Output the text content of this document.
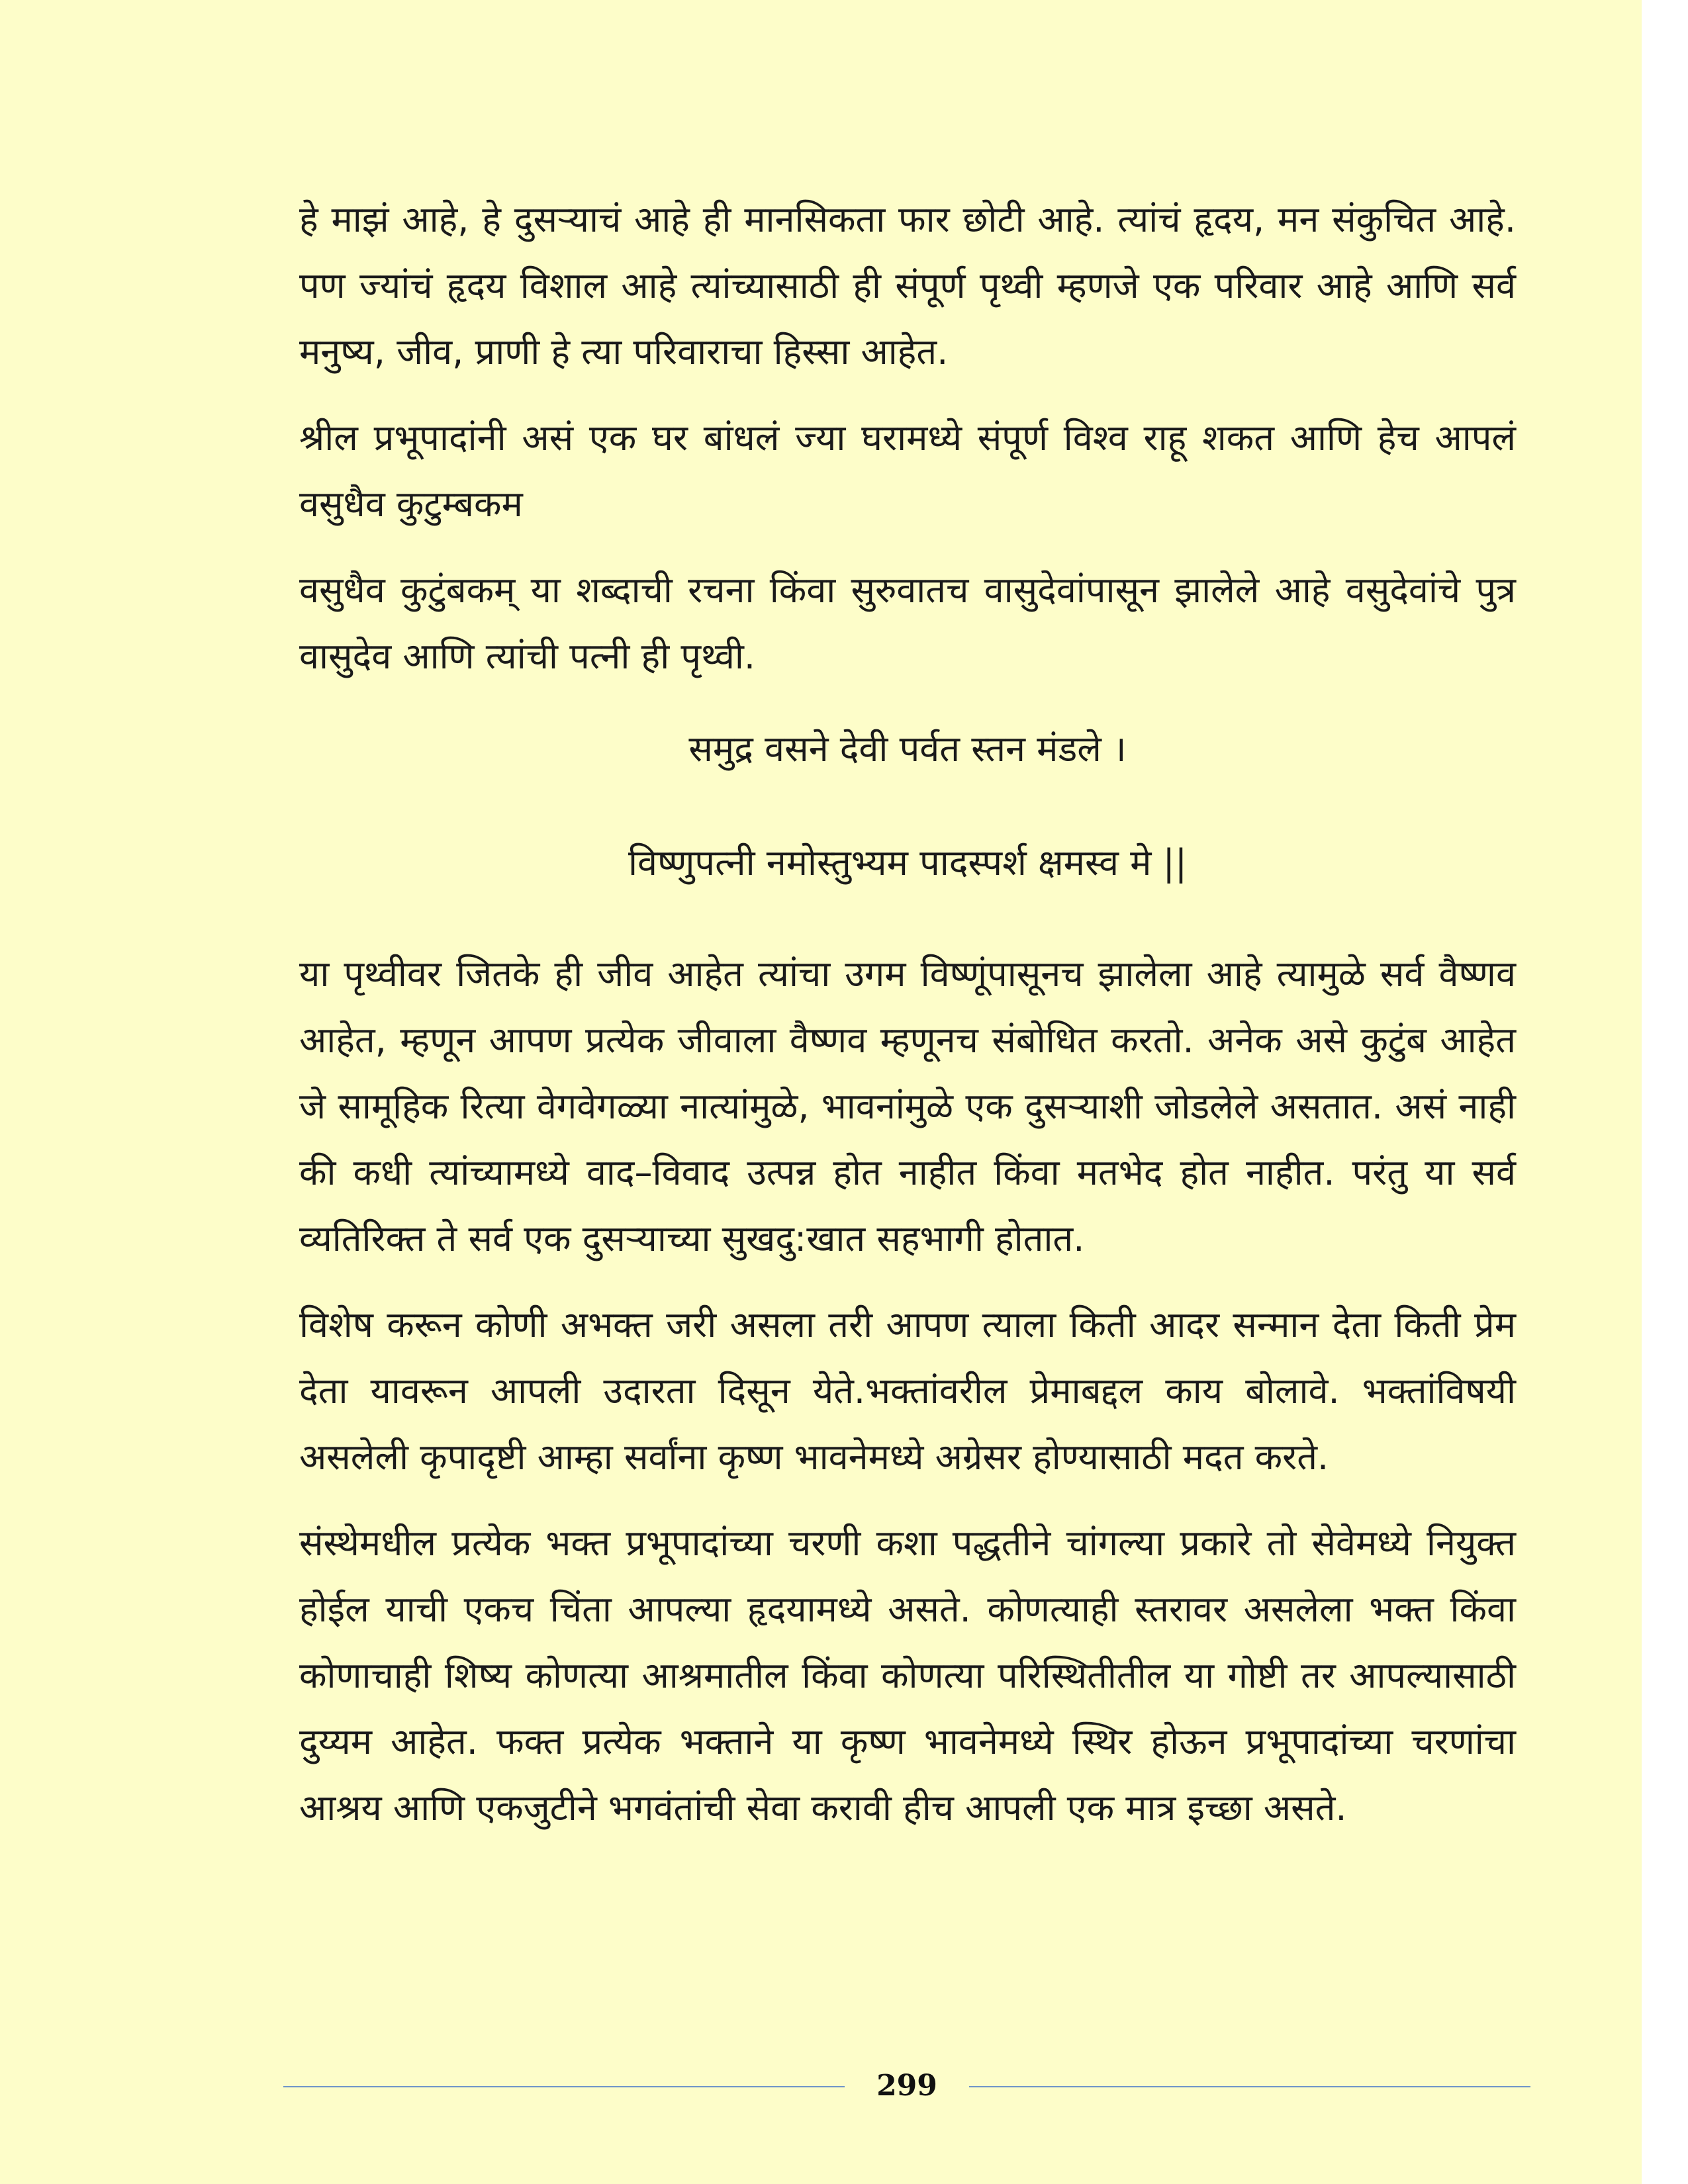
हे माझं आहे, हे दुसऱ्याचं आहे ही मानसिकता फार छोटी आहे. त्यांचं हृदय, मन संकुचित आहे. पण ज्यांचं हृदय विशाल आहे त्यांच्यासाठी ही संपूर्ण पृथ्वी म्हणजे एक परिवार आहे आणि सर्व मनुष्य, जीव, प्राणी हे त्या परिवाराचा हिस्सा आहेत.

श्रील प्रभूपादांनी असं एक घर बांधलं ज्या घरामध्ये संपूर्ण विश्व राहू शकत आणि हेच आपलं वसुधैव कुटुम्बकम

वसुधैव कुटुंबकम् या शब्दाची रचना किंवा सुरुवातच वासुदेवांपासून झालेले आहे वसुदेवांचे पुत्र वासुदेव आणि त्यांची पत्नी ही पृथ्वी.

समुद्र वसने देवी पर्वत स्तन मंडले ।

विष्णुपत्नी नमोस्तुभ्यम पादस्पर्श क्षमस्व मे ||

या पृथ्वीवर जितके ही जीव आहेत त्यांचा उगम विष्णूंपासूनच झालेला आहे त्यामुळे सर्व वैष्णव आहेत, म्हणून आपण प्रत्येक जीवाला वैष्णव म्हणूनच संबोधित करतो. अनेक असे कुटुंब आहेत जे सामूहिक रित्या वेगवेगळ्या नात्यांमुळे, भावनांमुळे एक दुसऱ्याशी जोडलेले असतात. असं नाही की कधी त्यांच्यामध्ये वाद–विवाद उत्पन्न होत नाहीत किंवा मतभेद होत नाहीत. परंतु या सर्व व्यतिरिक्त ते सर्व एक दुसऱ्याच्या सुखदु:खात सहभागी होतात.

विशेष करून कोणी अभक्त जरी असला तरी आपण त्याला किती आदर सन्मान देता किती प्रेम देता यावरून आपली उदारता दिसून येते.भक्तांवरील प्रेमाबद्दल काय बोलावे. भक्तांविषयी असलेली कृपादृष्टी आम्हा सर्वांना कृष्ण भावनेमध्ये अग्रेसर होण्यासाठी मदत करते.

संस्थेमधील प्रत्येक भक्त प्रभूपादांच्या चरणी कशा पद्धतीने चांगल्या प्रकारे तो सेवेमध्ये नियुक्त होईल याची एकच चिंता आपल्या हृदयामध्ये असते. कोणत्याही स्तरावर असलेला भक्त किंवा कोणाचाही शिष्य कोणत्या आश्रमातील किंवा कोणत्या परिस्थितीतील या गोष्टी तर आपल्यासाठी दुय्यम आहेत. फक्त प्रत्येक भक्ताने या कृष्ण भावनेमध्ये स्थिर होऊन प्रभूपादांच्या चरणांचा आश्रय आणि एकजुटीने भगवंतांची सेवा करावी हीच आपली एक मात्र इच्छा असते.

299
